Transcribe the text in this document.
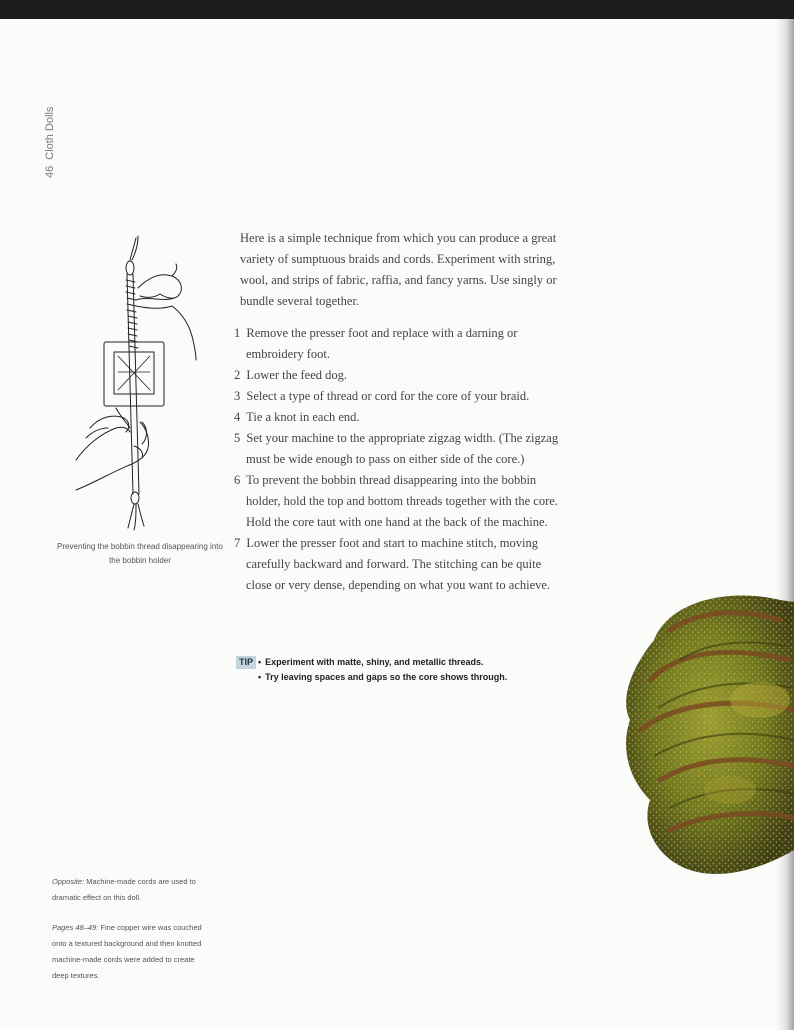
46Cloth Dolls
Preventing the bobbin thread disappearing into
the bobbin holder

Here is a simple technique from which you can produce a great variety of sumptuous braids and cords. Experiment with string, wool, and strips of fabric, raffia, and fancy yarns. Use singly or bundle several together.

1 Remove the presser foot and replace with a darning or embroidery foot.
2 Lower the feed dog.
3 Select a type of thread or cord for the core of your braid.
4 Tie a knot in each end.
5 Set your machine to the appropriate zigzag width. (The zigzag must be wide enough to pass on either side of the core.)
6 To prevent the bobbin thread disappearing into the bobbin holder, hold the top and bottom threads together with the core. Hold the core taut with one hand at the back of the machine.
7 Lower the presser foot and start to machine stitch, moving carefully backward and forward. The stitching can be quite close or very dense, depending on what you want to achieve.
TIP • Experiment with matte, shiny, and metallic threads.
• Try leaving spaces and gaps so the core shows through.

Opposite: Machine-made cords are used to dramatic effect on this doll.

Pages 48–49: Fine copper wire was couched onto a textured background and then knotted machine-made cords were added to create deep textures.
